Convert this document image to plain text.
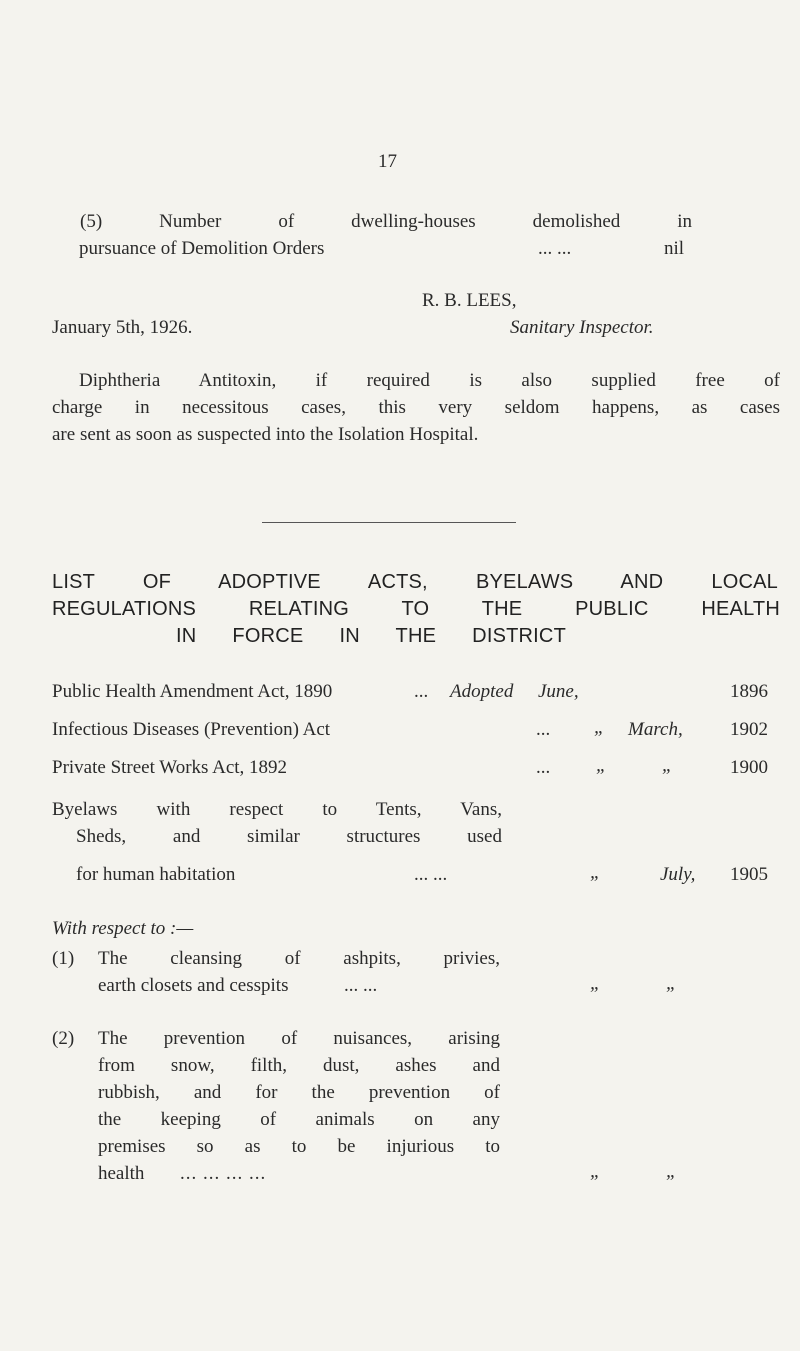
17
(5) Number of dwelling-houses demolished in
pursuance of Demolition Orders	... ...	nil
R. B. LEES,
January 5th, 1926.	Sanitary Inspector.
Diphtheria Antitoxin, if required is also supplied free of
charge in necessitous cases, this very seldom happens, as cases
are sent as soon as suspected into the Isolation Hospital.
LIST OF ADOPTIVE ACTS, BYELAWS AND LOCAL
REGULATIONS RELATING TO THE PUBLIC HEALTH
IN FORCE IN THE DISTRICT
Public Health Amendment Act, 1890	... Adopted June,	1896
Infectious Diseases (Prevention) Act	... „ March, 1902
Private Street Works Act, 1892	... „	„	1900
Byelaws with respect to Tents, Vans,
Sheds, and similar structures used
for human habitation	... ...	„	July, 1905
With respect to :—
(1) The cleansing of ashpits, privies,
earth closets and cesspits	... ...	„	„
(2) The prevention of nuisances, arising
from snow, filth, dust, ashes and
rubbish, and for the prevention of
the keeping of animals on any
premises so as to be injurious to
health ... ... ... ...	„	„
